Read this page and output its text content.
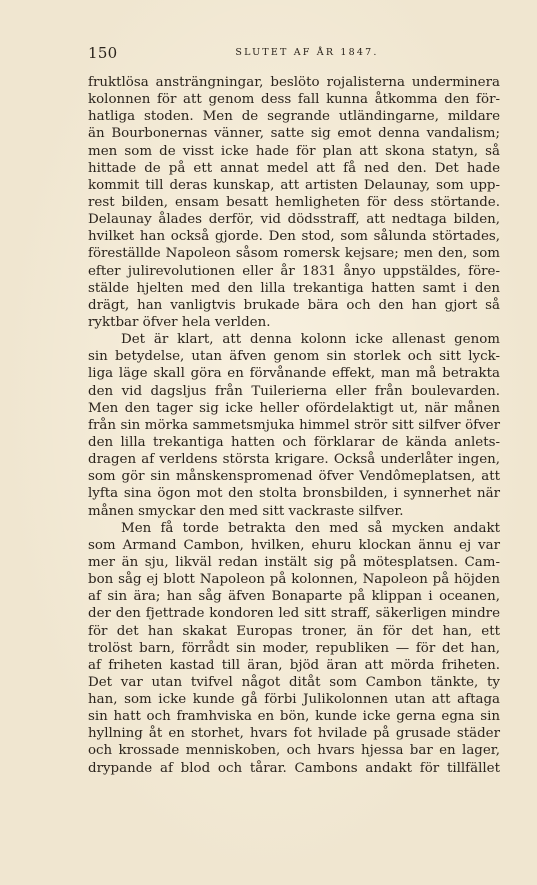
150	SLUTET AF ÅR 1847.
fruktlösa ansträngningar, beslöto rojalisterna underminera
kolonnen för att genom dess fall kunna åtkomma den för-
hatliga stoden. Men de segrande utländingarne, mildare
än Bourbonernas vänner, satte sig emot denna vandalism;
men som de visst icke hade för plan att skona statyn, så
hittade de på ett annat medel att få ned den. Det hade
kommit till deras kunskap, att artisten Delaunay, som upp-
rest bilden, ensam besatt hemligheten för dess störtande.
Delaunay ålades derför, vid dödsstraff, att nedtaga bilden,
hvilket han också gjorde. Den stod, som sålunda störtades,
föreställde Napoleon såsom romersk kejsare; men den, som
efter julirevolutionen eller år 1831 ånyo uppstäldes, före-
stälde hjelten med den lilla trekantiga hatten samt i den
drägt, han vanligtvis brukade bära och den han gjort så
ryktbar öfver hela verlden.
Det är klart, att denna kolonn icke allenast genom
sin betydelse, utan äfven genom sin storlek och sitt lyck-
liga läge skall göra en förvånande effekt, man må betrakta
den vid dagsljus från Tuilerierna eller från boulevarden.
Men den tager sig icke heller ofördelaktigt ut, när månen
från sin mörka sammetsmjuka himmel strör sitt silfver öfver
den lilla trekantiga hatten och förklarar de kända anlets-
dragen af verldens största krigare. Också underlåter ingen,
som gör sin månskenspromenad öfver Vendômeplatsen, att
lyfta sina ögon mot den stolta bronsbilden, i synnerhet när
månen smyckar den med sitt vackraste silfver.
Men få torde betrakta den med så mycken andakt
som Armand Cambon, hvilken, ehuru klockan ännu ej var
mer än sju, likväl redan instält sig på mötesplatsen. Cam-
bon såg ej blott Napoleon på kolonnen, Napoleon på höjden
af sin ära; han såg äfven Bonaparte på klippan i oceanen,
der den fjettrade kondoren led sitt straff, säkerligen mindre
för det han skakat Europas troner, än för det han, ett
trolöst barn, förrådt sin moder, republiken — för det han,
af friheten kastad till äran, bjöd äran att mörda friheten.
Det var utan tvifvel något ditåt som Cambon tänkte, ty
han, som icke kunde gå förbi Julikolonnen utan att aftaga
sin hatt och framhviska en bön, kunde icke gerna egna sin
hyllning åt en storhet, hvars fot hvilade på grusade städer
och krossade menniskoben, och hvars hjessa bar en lager,
drypande af blod och tårar. Cambons andakt för tillfället
